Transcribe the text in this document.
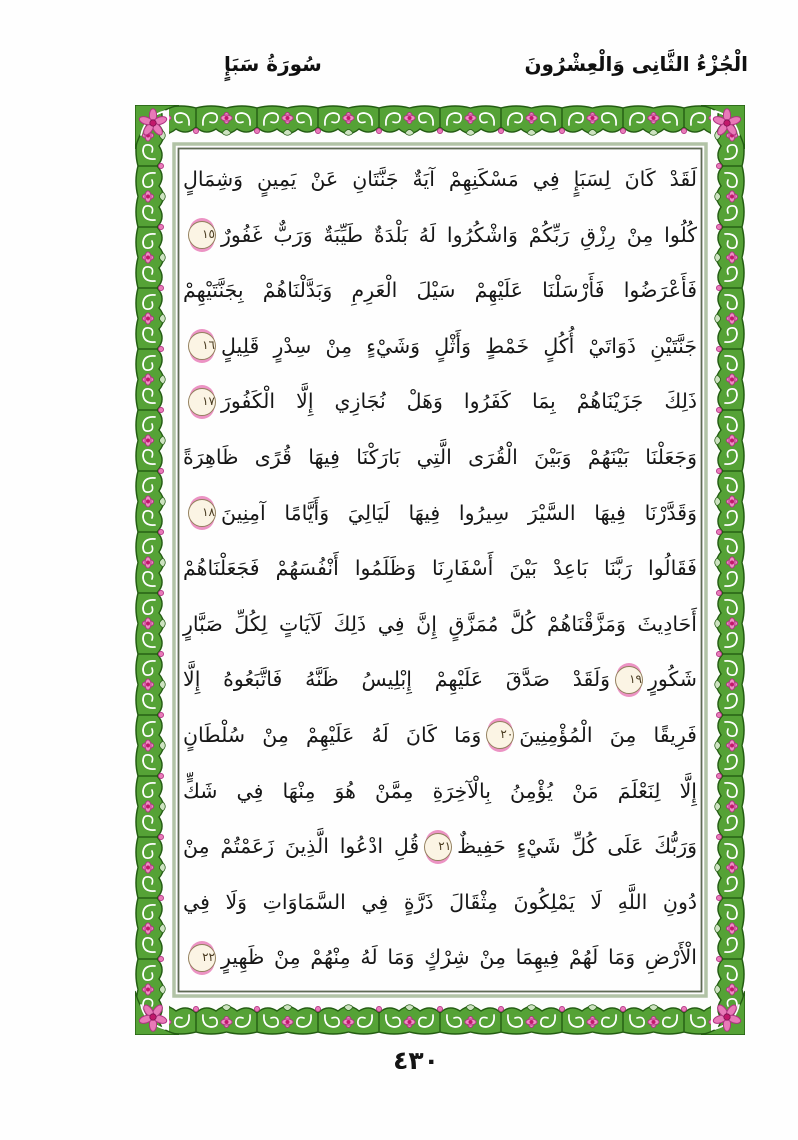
سُورَةُ سَبَإٍ	الْجُزْءُ الثَّانِى وَالْعِشْرُونَ
لَقَدْ كَانَ لِسَبَإٍ فِي مَسْكَنِهِمْ آيَةٌ جَنَّتَانِ عَنْ يَمِينٍ وَشِمَالٍ
كُلُوا مِنْ رِزْقِ رَبِّكُمْ وَاشْكُرُوا لَهُ بَلْدَةٌ طَيِّبَةٌ وَرَبٌّ غَفُورٌ١٥
فَأَعْرَضُوا فَأَرْسَلْنَا عَلَيْهِمْ سَيْلَ الْعَرِمِ وَبَدَّلْنَاهُمْ بِجَنَّتَيْهِمْ
جَنَّتَيْنِ ذَوَاتَيْ أُكُلٍ خَمْطٍ وَأَثْلٍ وَشَيْءٍ مِنْ سِدْرٍ قَلِيلٍ١٦
ذَلِكَ جَزَيْنَاهُمْ بِمَا كَفَرُوا وَهَلْ نُجَازِي إِلَّا الْكَفُورَ١٧
وَجَعَلْنَا بَيْنَهُمْ وَبَيْنَ الْقُرَى الَّتِي بَارَكْنَا فِيهَا قُرًى ظَاهِرَةً
وَقَدَّرْنَا فِيهَا السَّيْرَ سِيرُوا فِيهَا لَيَالِيَ وَأَيَّامًا آمِنِينَ١٨
فَقَالُوا رَبَّنَا بَاعِدْ بَيْنَ أَسْفَارِنَا وَظَلَمُوا أَنْفُسَهُمْ فَجَعَلْنَاهُمْ
أَحَادِيثَ وَمَزَّقْنَاهُمْ كُلَّ مُمَزَّقٍ إِنَّ فِي ذَلِكَ لَآيَاتٍ لِكُلِّ صَبَّارٍ
شَكُورٍ١٩وَلَقَدْ صَدَّقَ عَلَيْهِمْ إِبْلِيسُ ظَنَّهُ فَاتَّبَعُوهُ إِلَّا
فَرِيقًا مِنَ الْمُؤْمِنِينَ٢٠وَمَا كَانَ لَهُ عَلَيْهِمْ مِنْ سُلْطَانٍ
إِلَّا لِنَعْلَمَ مَنْ يُؤْمِنُ بِالْآخِرَةِ مِمَّنْ هُوَ مِنْهَا فِي شَكٍّ
وَرَبُّكَ عَلَى كُلِّ شَيْءٍ حَفِيظٌ٢١قُلِ ادْعُوا الَّذِينَ زَعَمْتُمْ مِنْ
دُونِ اللَّهِ لَا يَمْلِكُونَ مِثْقَالَ ذَرَّةٍ فِي السَّمَاوَاتِ وَلَا فِي
الْأَرْضِ وَمَا لَهُمْ فِيهِمَا مِنْ شِرْكٍ وَمَا لَهُ مِنْهُمْ مِنْ ظَهِيرٍ٢٢
٤٣٠
